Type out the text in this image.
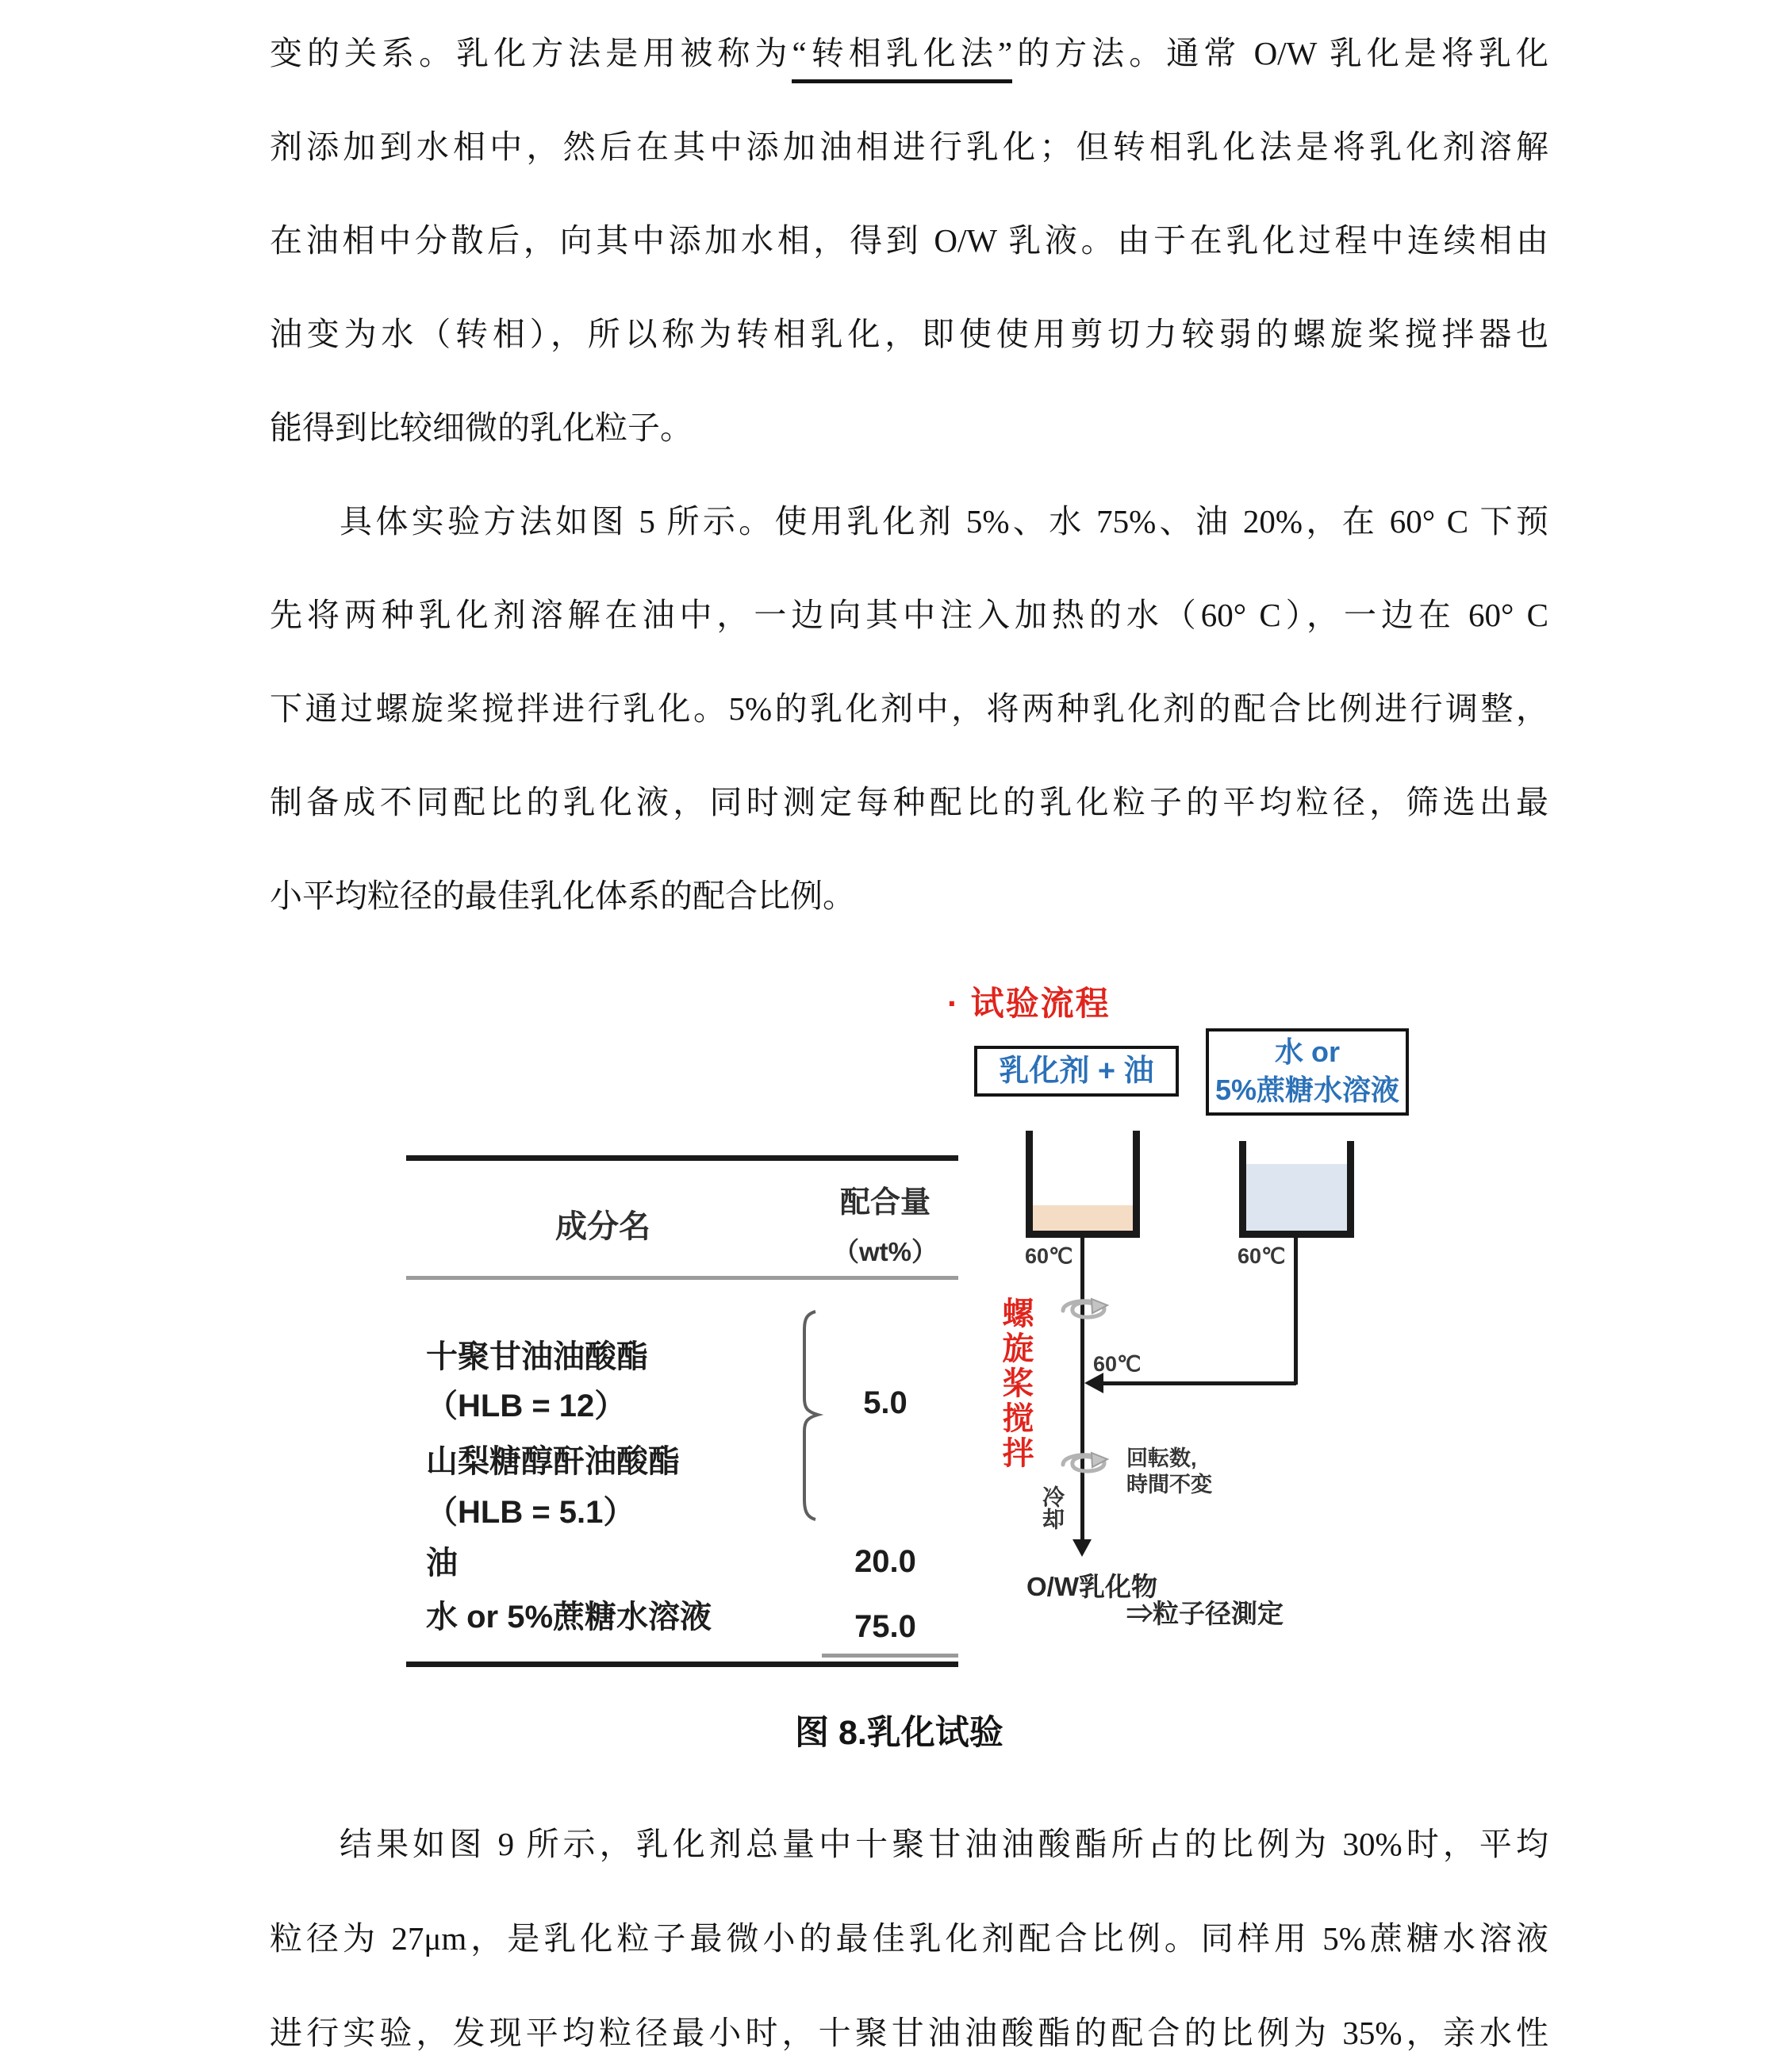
变的关系。乳化方法是用被称为“转相乳化法”的方法。通常 O/W 乳化是将乳化
剂添加到水相中，然后在其中添加油相进行乳化；但转相乳化法是将乳化剂溶解
在油相中分散后，向其中添加水相，得到 O/W 乳液。由于在乳化过程中连续相由
油变为水（转相），所以称为转相乳化，即使使用剪切力较弱的螺旋桨搅拌器也
能得到比较细微的乳化粒子。
具体实验方法如图 5 所示。使用乳化剂 5%、水 75%、油 20%，在 60° C 下预
先将两种乳化剂溶解在油中，一边向其中注入加热的水（60° C），一边在 60° C
下通过螺旋桨搅拌进行乳化。5%的乳化剂中，将两种乳化剂的配合比例进行调整，
制备成不同配比的乳化液，同时测定每种配比的乳化粒子的平均粒径，筛选出最
小平均粒径的最佳乳化体系的配合比例。
成分名
配合量
（wt%）
十聚甘油油酸酯
（HLB = 12）
山梨糖醇酐油酸酯
（HLB = 5.1）
油
水 or 5%蔗糖水溶液
5.0
20.0
75.0
· 试验流程
乳化剂 + 油
水 or
5%蔗糖水溶液
60℃	60℃
60℃
螺旋桨搅拌	回転数,
時間不変
冷却
O/W乳化物
⇒粒子径測定
图 8.乳化试验
结果如图 9 所示，乳化剂总量中十聚甘油油酸酯所占的比例为 30%时，平均
粒径为 27μm，是乳化粒子最微小的最佳乳化剂配合比例。同样用 5%蔗糖水溶液
进行实验，发现平均粒径最小时，十聚甘油油酸酯的配合的比例为 35%，亲水性
